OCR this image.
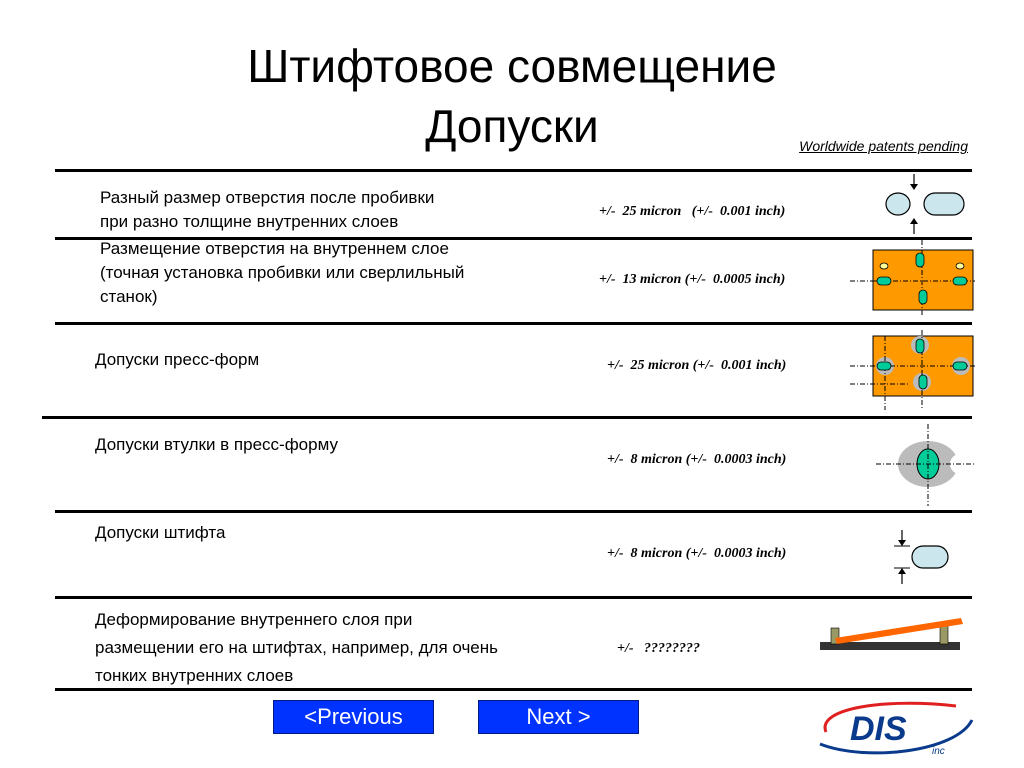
Штифтовое совмещение
Допуски	Worldwide patents pending
Разный размер отверстия после пробивки
при разно толщине внутренних слоев
+/-  25 micron   (+/-  0.001 inch)
Размещение отверстия на внутреннем слое
(точная установка пробивки или сверлильный
станок)
+/-  13 micron (+/-  0.0005 inch)
Допуски пресс-форм	+/-  25 micron (+/-  0.001 inch)
Допуски втулки в пресс-форму
+/-  8 micron (+/-  0.0003 inch)
Допуски штифта
+/-  8 micron (+/-  0.0003 inch)
Деформирование внутреннего слоя при
размещении его на штифтах, например, для очень
тонких внутренних слоев
+/-   ????????
<Previous	Next >	DIS
inc
